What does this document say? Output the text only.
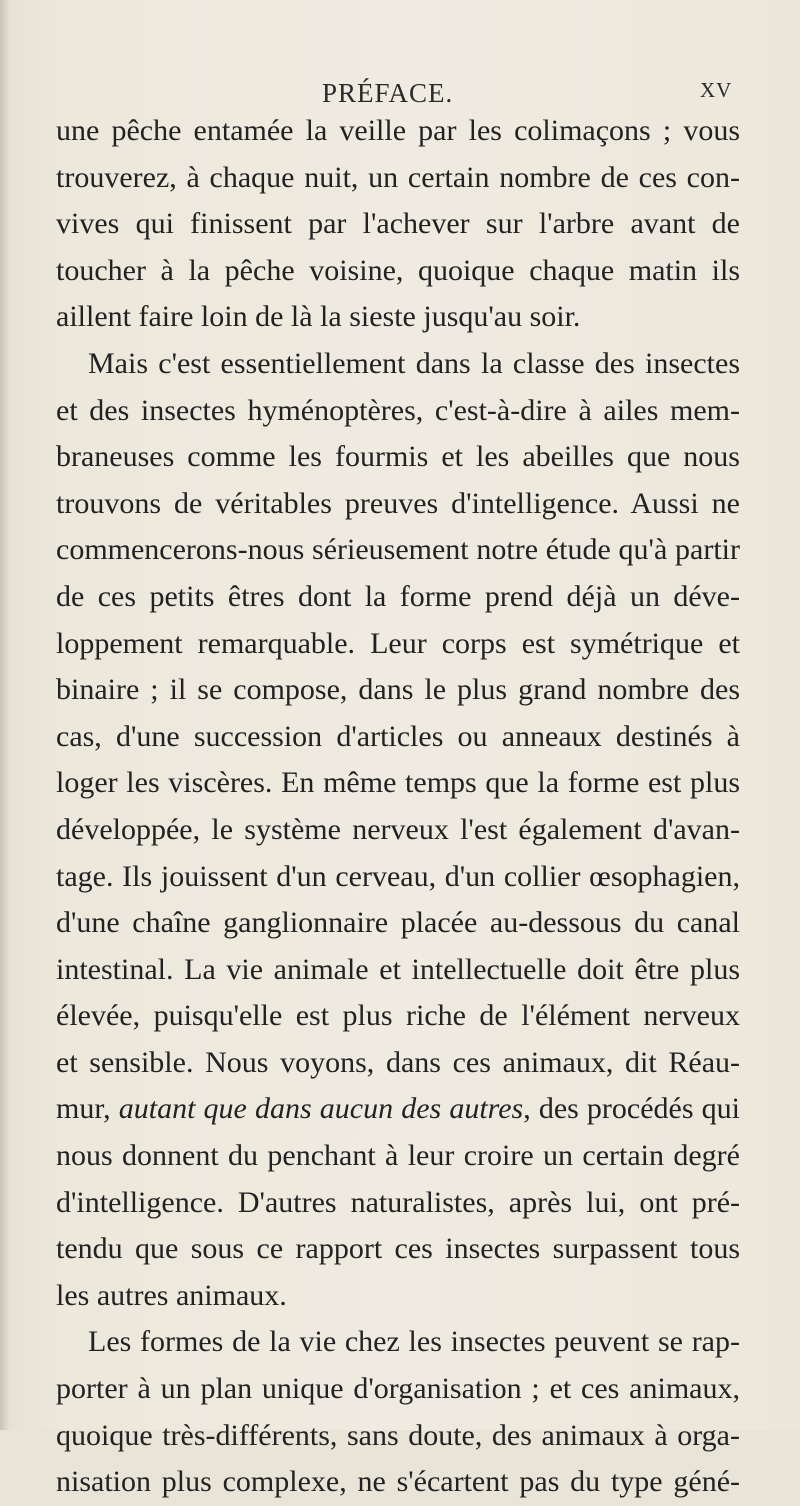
PRÉFACE.	XV
une pêche entamée la veille par les colimaçons ; vous
trouverez, à chaque nuit, un certain nombre de ces con-
vives qui finissent par l'achever sur l'arbre avant de
toucher à la pêche voisine, quoique chaque matin ils
aillent faire loin de là la sieste jusqu'au soir.
Mais c'est essentiellement dans la classe des insectes
et des insectes hyménoptères, c'est-à-dire à ailes mem-
braneuses comme les fourmis et les abeilles que nous
trouvons de véritables preuves d'intelligence. Aussi ne
commencerons-nous sérieusement notre étude qu'à partir
de ces petits êtres dont la forme prend déjà un déve-
loppement remarquable. Leur corps est symétrique et
binaire ; il se compose, dans le plus grand nombre des
cas, d'une succession d'articles ou anneaux destinés à
loger les viscères. En même temps que la forme est plus
développée, le système nerveux l'est également d'avan-
tage. Ils jouissent d'un cerveau, d'un collier œsophagien,
d'une chaîne ganglionnaire placée au-dessous du canal
intestinal. La vie animale et intellectuelle doit être plus
élevée, puisqu'elle est plus riche de l'élément nerveux
et sensible. Nous voyons, dans ces animaux, dit Réau-
mur, autant que dans aucun des autres, des procédés qui
nous donnent du penchant à leur croire un certain degré
d'intelligence. D'autres naturalistes, après lui, ont pré-
tendu que sous ce rapport ces insectes surpassent tous
les autres animaux.
Les formes de la vie chez les insectes peuvent se rap-
porter à un plan unique d'organisation ; et ces animaux,
quoique très-différents, sans doute, des animaux à orga-
nisation plus complexe, ne s'écartent pas du type géné-
